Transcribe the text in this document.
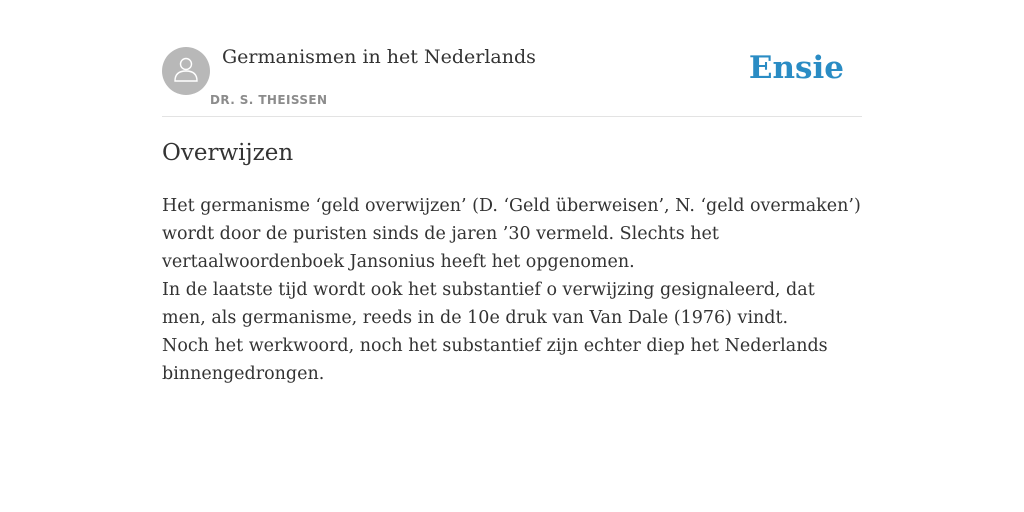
Germanismen in het Nederlands
DR. S. THEISSEN
Ensie
Overwijzen

Het germanisme ‘geld overwijzen’ (D. ‘Geld überweisen’, N. ‘geld overmaken’) wordt door de puristen sinds de jaren ’30 vermeld. Slechts het vertaalwoordenboek Jansonius heeft het opgenomen.

In de laatste tijd wordt ook het substantief o verwijzing gesignaleerd, dat men, als germanisme, reeds in de 10e druk van Van Dale (1976) vindt.

Noch het werkwoord, noch het substantief zijn echter diep het Nederlands binnengedrongen.
